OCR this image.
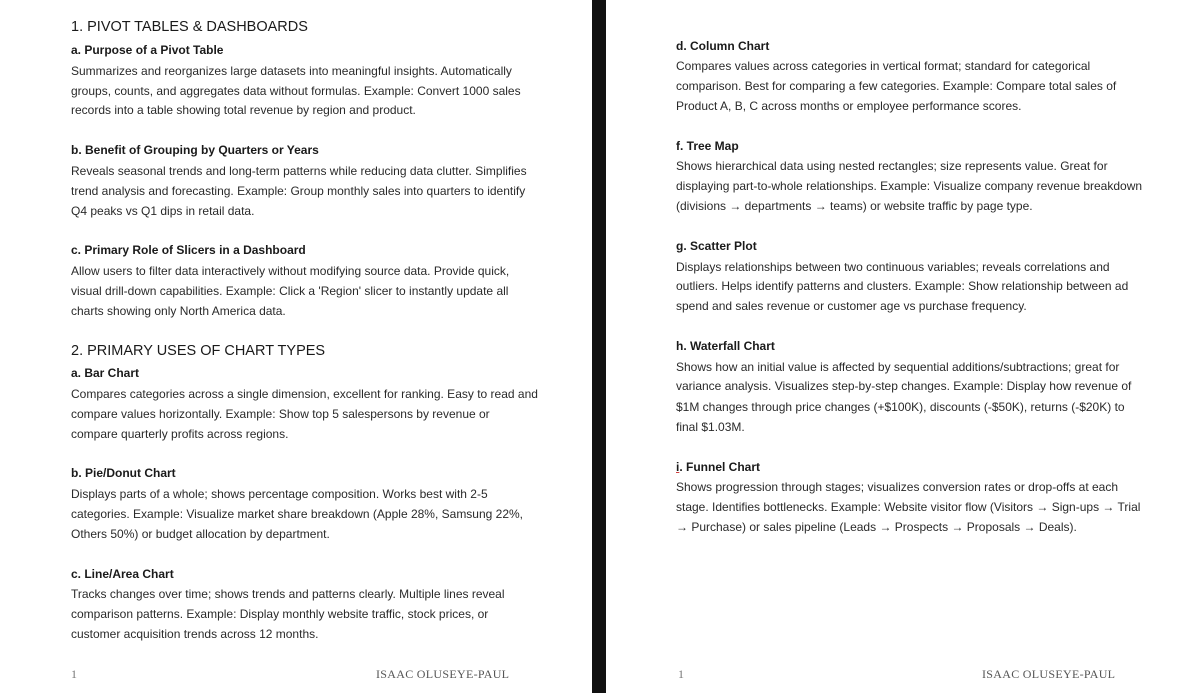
1. PIVOT TABLES & DASHBOARDS
a. Purpose of a Pivot Table
Summarizes and reorganizes large datasets into meaningful insights. Automatically
groups, counts, and aggregates data without formulas. Example: Convert 1000 sales
records into a table showing total revenue by region and product.
b. Benefit of Grouping by Quarters or Years
Reveals seasonal trends and long-term patterns while reducing data clutter. Simplifies
trend analysis and forecasting. Example: Group monthly sales into quarters to identify
Q4 peaks vs Q1 dips in retail data.
c. Primary Role of Slicers in a Dashboard
Allow users to filter data interactively without modifying source data. Provide quick,
visual drill-down capabilities. Example: Click a 'Region' slicer to instantly update all
charts showing only North America data.
2. PRIMARY USES OF CHART TYPES
a. Bar Chart
Compares categories across a single dimension, excellent for ranking. Easy to read and
compare values horizontally. Example: Show top 5 salespersons by revenue or
compare quarterly profits across regions.
b. Pie/Donut Chart
Displays parts of a whole; shows percentage composition. Works best with 2-5
categories. Example: Visualize market share breakdown (Apple 28%, Samsung 22%,
Others 50%) or budget allocation by department.
c. Line/Area Chart
Tracks changes over time; shows trends and patterns clearly. Multiple lines reveal
comparison patterns. Example: Display monthly website traffic, stock prices, or
customer acquisition trends across 12 months.
1	ISAAC OLUSEYE-PAUL
d. Column Chart
Compares values across categories in vertical format; standard for categorical
comparison. Best for comparing a few categories. Example: Compare total sales of
Product A, B, C across months or employee performance scores.
f. Tree Map
Shows hierarchical data using nested rectangles; size represents value. Great for
displaying part-to-whole relationships. Example: Visualize company revenue breakdown
(divisions → departments → teams) or website traffic by page type.
g. Scatter Plot
Displays relationships between two continuous variables; reveals correlations and
outliers. Helps identify patterns and clusters. Example: Show relationship between ad
spend and sales revenue or customer age vs purchase frequency.
h. Waterfall Chart
Shows how an initial value is affected by sequential additions/subtractions; great for
variance analysis. Visualizes step-by-step changes. Example: Display how revenue of
$1M changes through price changes (+$100K), discounts (-$50K), returns (-$20K) to
final $1.03M.
i. Funnel Chart
Shows progression through stages; visualizes conversion rates or drop-offs at each
stage. Identifies bottlenecks. Example: Website visitor flow (Visitors → Sign-ups → Trial
→ Purchase) or sales pipeline (Leads → Prospects → Proposals → Deals).
1	ISAAC OLUSEYE-PAUL
